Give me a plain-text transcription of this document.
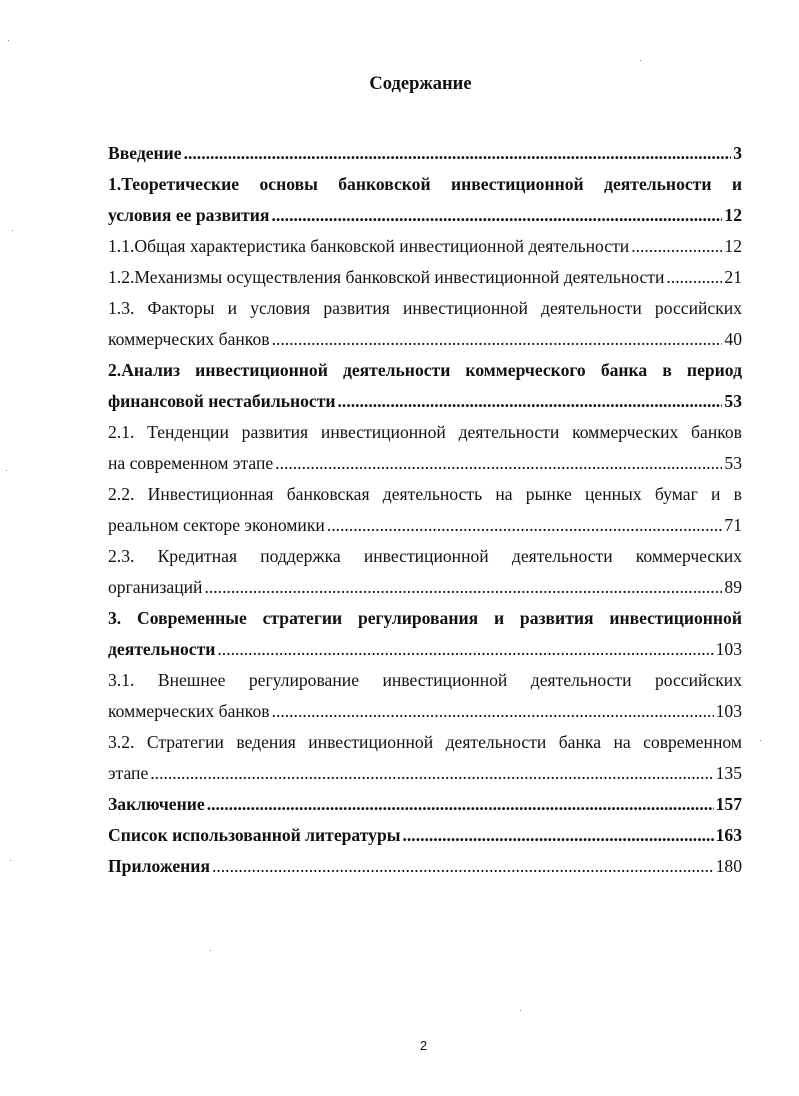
Содержание
Введение .....	3
1.Теоретические основы банковской инвестиционной деятельности и
условия ее развития .....	12
1.1.Общая характеристика банковской инвестиционной деятельности .....	12
1.2.Механизмы осуществления банковской инвестиционной деятельности .....	21
1.3. Факторы и условия развития инвестиционной деятельности российских
коммерческих банков .....	40
2.Анализ инвестиционной деятельности коммерческого банка в период
финансовой нестабильности .....	53
2.1. Тенденции развития инвестиционной деятельности коммерческих банков
на современном этапе .....	53
2.2. Инвестиционная банковская деятельность на рынке ценных бумаг и в
реальном секторе экономики .....	71
2.3. Кредитная поддержка инвестиционной деятельности коммерческих
организаций .....	89
3. Современные стратегии регулирования и развития инвестиционной
деятельности .....	103
3.1. Внешнее регулирование инвестиционной деятельности российских
коммерческих банков .....	103
3.2. Стратегии ведения инвестиционной деятельности банка на современном
этапе .....	135
Заключение .....	157
Список использованной литературы .....	163
Приложения .....	180
2
